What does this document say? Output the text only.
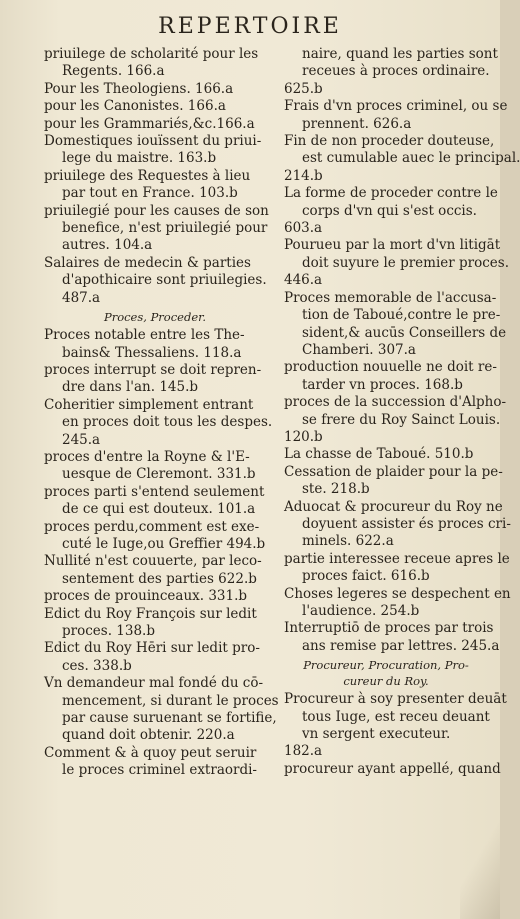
REPERTOIRE
priuilege de scholarité pour les
Regents. 166.a
Pour les Theologiens. 166.a
pour les Canonistes. 166.a
pour les Grammariés,&c.166.a
Domestiques iouïssent du priui-
lege du maistre. 163.b
priuilege des Requestes à lieu
par tout en France. 103.b
priuilegié pour les causes de son
benefice, n'est priuilegié pour
autres. 104.a
Salaires de medecin & parties
d'apothicaire sont priuilegies.
487.a
Proces, Proceder.
Proces notable entre les The-
bains& Thessaliens. 118.a
proces interrupt se doit repren-
dre dans l'an. 145.b
Coheritier simplement entrant
en proces doit tous les despes.
245.a
proces d'entre la Royne & l'E-
uesque de Cleremont. 331.b
proces parti s'entend seulement
de ce qui est douteux. 101.a
proces perdu,comment est exe-
cuté le Iuge,ou Greffier 494.b
Nullité n'est couuerte, par leco-
sentement des parties 622.b
proces de prouinceaux. 331.b
Edict du Roy François sur ledit
proces. 138.b
Edict du Roy Hēri sur ledit pro-
ces. 338.b
Vn demandeur mal fondé du cō-
mencement, si durant le proces
par cause suruenant se fortifie,
quand doit obtenir. 220.a
Comment & à quoy peut seruir
le proces criminel extraordi-
naire, quand les parties sont
receues à proces ordinaire.
625.b
Frais d'vn proces criminel, ou se
prennent. 626.a
Fin de non proceder douteuse,
est cumulable auec le principal.
214.b
La forme de proceder contre le
corps d'vn qui s'est occis.
603.a
Pourueu par la mort d'vn litigāt
doit suyure le premier proces.
446.a
Proces memorable de l'accusa-
tion de Taboué,contre le pre-
sident,& aucūs Conseillers de
Chamberi. 307.a
production nouuelle ne doit re-
tarder vn proces. 168.b
proces de la succession d'Alpho-
se frere du Roy Sainct Louis.
120.b
La chasse de Taboué. 510.b
Cessation de plaider pour la pe-
ste. 218.b
Aduocat & procureur du Roy ne
doyuent assister és proces cri-
minels. 622.a
partie interessee receue apres le
proces faict. 616.b
Choses legeres se despechent en
l'audience. 254.b
Interruptiō de proces par trois
ans remise par lettres. 245.a
Procureur, Procuration, Pro-
cureur du Roy.
Procureur à soy presenter deuāt
tous Iuge, est receu deuant
vn sergent executeur.
182.a
procureur ayant appellé, quand
